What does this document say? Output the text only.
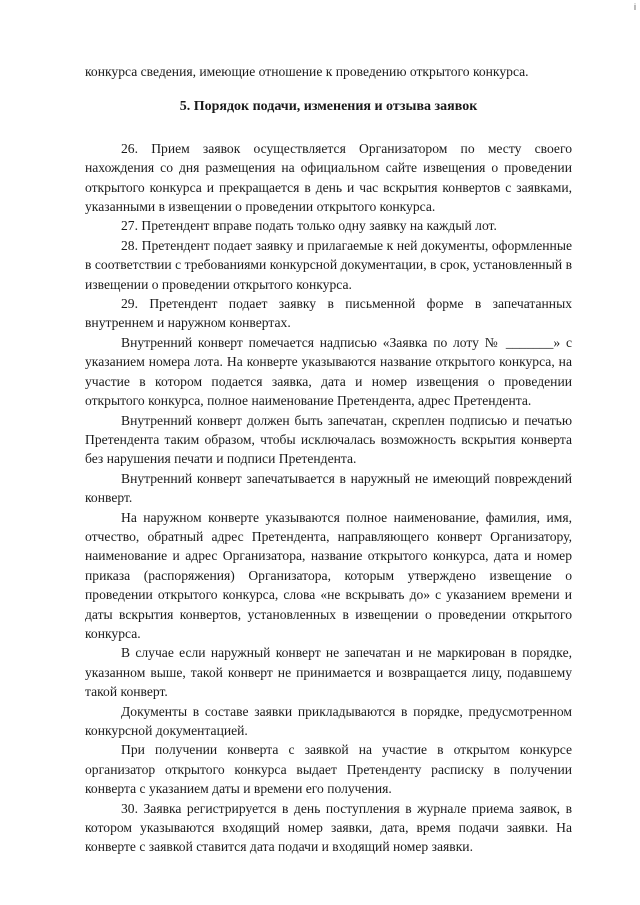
i

конкурса сведения, имеющие отношение к проведению открытого конкурса.

5. Порядок подачи, изменения и отзыва заявок

26. Прием заявок осуществляется Организатором по месту своего нахождения со дня размещения на официальном сайте извещения о проведении открытого конкурса и прекращается в день и час вскрытия конвертов с заявками, указанными в извещении о проведении открытого конкурса.

27. Претендент вправе подать только одну заявку на каждый лот.

28. Претендент подает заявку и прилагаемые к ней документы, оформленные в соответствии с требованиями конкурсной документации, в срок, установленный в извещении о проведении открытого конкурса.

29. Претендент подает заявку в письменной форме в запечатанных внутреннем и наружном конвертах.

Внутренний конверт помечается надписью «Заявка по лоту № _______» с указанием номера лота. На конверте указываются название открытого конкурса, на участие в котором подается заявка, дата и номер извещения о проведении открытого конкурса, полное наименование Претендента, адрес Претендента.

Внутренний конверт должен быть запечатан, скреплен подписью и печатью Претендента таким образом, чтобы исключалась возможность вскрытия конверта без нарушения печати и подписи Претендента.

Внутренний конверт запечатывается в наружный не имеющий повреждений конверт.

На наружном конверте указываются полное наименование, фамилия, имя, отчество, обратный адрес Претендента, направляющего конверт Организатору, наименование и адрес Организатора, название открытого конкурса, дата и номер приказа (распоряжения) Организатора, которым утверждено извещение о проведении открытого конкурса, слова «не вскрывать до» с указанием времени и даты вскрытия конвертов, установленных в извещении о проведении открытого конкурса.

В случае если наружный конверт не запечатан и не маркирован в порядке, указанном выше, такой конверт не принимается и возвращается лицу, подавшему такой конверт.

Документы в составе заявки прикладываются в порядке, предусмотренном конкурсной документацией.

При получении конверта с заявкой на участие в открытом конкурсе организатор открытого конкурса выдает Претенденту расписку в получении конверта с указанием даты и времени его получения.

30. Заявка регистрируется в день поступления в журнале приема заявок, в котором указываются входящий номер заявки, дата, время подачи заявки. На конверте с заявкой ставится дата подачи и входящий номер заявки.
